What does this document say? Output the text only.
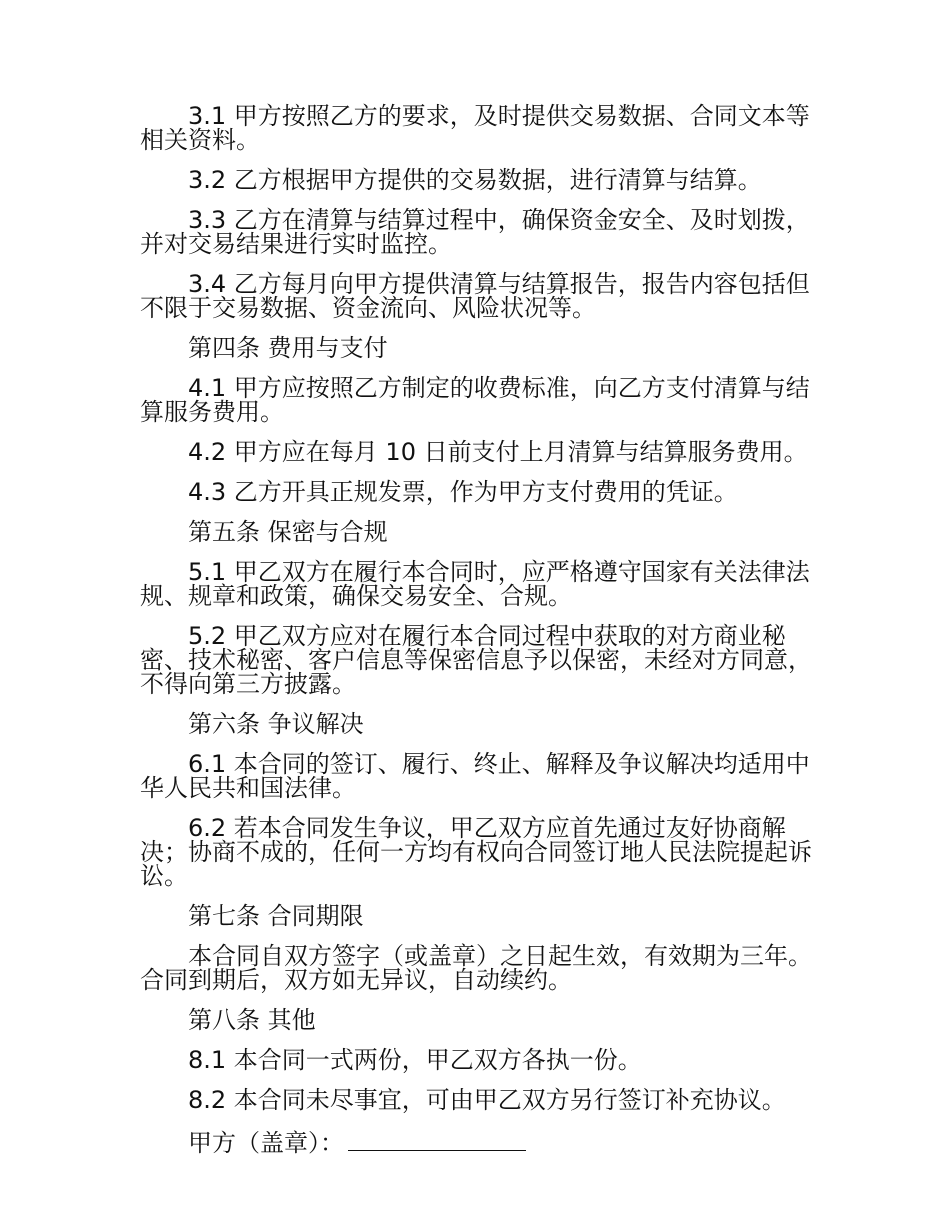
3.1 甲方按照乙方的要求，及时提供交易数据、合同文本等相关资料。

3.2 乙方根据甲方提供的交易数据，进行清算与结算。

3.3 乙方在清算与结算过程中，确保资金安全、及时划拨，并对交易结果进行实时监控。

3.4 乙方每月向甲方提供清算与结算报告，报告内容包括但不限于交易数据、资金流向、风险状况等。

第四条 费用与支付

4.1 甲方应按照乙方制定的收费标准，向乙方支付清算与结算服务费用。

4.2 甲方应在每月 10 日前支付上月清算与结算服务费用。

4.3 乙方开具正规发票，作为甲方支付费用的凭证。

第五条 保密与合规

5.1 甲乙双方在履行本合同时，应严格遵守国家有关法律法规、规章和政策，确保交易安全、合规。

5.2 甲乙双方应对在履行本合同过程中获取的对方商业秘密、技术秘密、客户信息等保密信息予以保密，未经对方同意，不得向第三方披露。

第六条 争议解决

6.1 本合同的签订、履行、终止、解释及争议解决均适用中华人民共和国法律。

6.2 若本合同发生争议，甲乙双方应首先通过友好协商解决；协商不成的，任何一方均有权向合同签订地人民法院提起诉讼。

第七条 合同期限

本合同自双方签字（或盖章）之日起生效，有效期为三年。合同到期后，双方如无异议，自动续约。

第八条 其他

8.1 本合同一式两份，甲乙双方各执一份。

8.2 本合同未尽事宜，可由甲乙双方另行签订补充协议。

甲方（盖章）：
